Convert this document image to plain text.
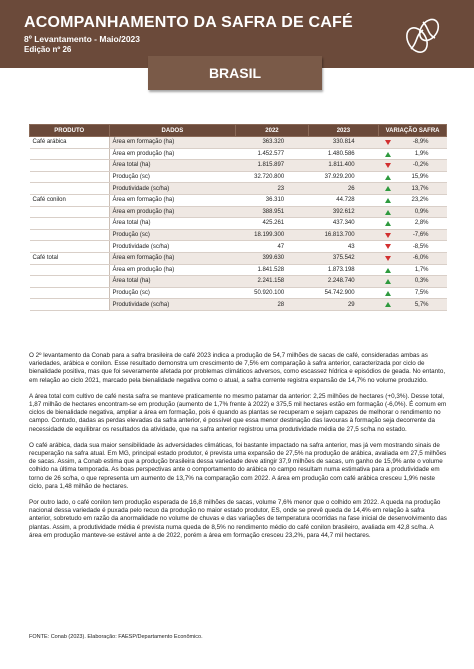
ACOMPANHAMENTO DA SAFRA DE CAFÉ
8º Levantamento - Maio/2023
Edição nº 26
BRASIL
PRODUTO	DADOS	2022	2023	VARIAÇÃO SAFRA
Café arábica	Área em formação (ha)	363.320	330.814	-8,9%
	Área em produção (ha)	1.452.577	1.480.586	1,9%
	Área total (ha)	1.815.897	1.811.400	-0,2%
	Produção (sc)	32.720.800	37.929.200	15,9%
	Produtividade (sc/ha)	23	26	13,7%
Café conilon	Área em formação (ha)	36.310	44.728	23,2%
	Área em produção (ha)	388.951	392.612	0,9%
	Área total (ha)	425.261	437.340	2,8%
	Produção (sc)	18.199.300	16.813.700	-7,6%
	Produtividade (sc/ha)	47	43	-8,5%
Café total	Área em formação (ha)	399.630	375.542	-6,0%
	Área em produção (ha)	1.841.528	1.873.198	1,7%
	Área total (ha)	2.241.158	2.248.740	0,3%
	Produção (sc)	50.920.100	54.742.900	7,5%
	Produtividade (sc/ha)	28	29	5,7%

O 2º levantamento da Conab para a safra brasileira de café 2023 indica a produção de 54,7 milhões de sacas de café, consideradas ambas as variedades, arábica e conilon. Esse resultado demonstra um crescimento de 7,5% em comparação à safra anterior, caracterizada por ciclo de bienalidade positiva, mas que foi severamente afetada por problemas climáticos adversos, como escassez hídrica e episódios de geada. No entanto, em relação ao ciclo 2021, marcado pela bienalidade negativa como o atual, a safra corrente registra expansão de 14,7% no volume produzido.

A área total com cultivo de café nesta safra se manteve praticamente no mesmo patamar da anterior: 2,25 milhões de hectares (+0,3%). Desse total, 1,87 milhão de hectares encontram-se em produção (aumento de 1,7% frente à 2022) e 375,5 mil hectares estão em formação (-6,0%). É comum em ciclos de bienalidade negativa, ampliar a área em formação, pois é quando as plantas se recuperam e sejam capazes de melhorar o rendimento no campo. Contudo, dadas as perdas elevadas da safra anterior, é possível que essa menor destinação das lavouras à formação seja decorrente da necessidade de equilibrar os resultados da atividade, que na safra anterior registrou uma produtividade média de 27,5 sc/ha no estado.

O café arábica, dada sua maior sensibilidade às adversidades climáticas, foi bastante impactado na safra anterior, mas já vem mostrando sinais de recuperação na safra atual. Em MG, principal estado produtor, é prevista uma expansão de 27,5% na produção de arábica, avaliada em 27,5 milhões de sacas. Assim, a Conab estima que a produção brasileira dessa variedade deve atingir 37,9 milhões de sacas, um ganho de 15,9% ante o volume colhido na última temporada. As boas perspectivas ante o comportamento do arábica no campo resultam numa estimativa para a produtividade em torno de 26 sc/ha, o que representa um aumento de 13,7% na comparação com 2022. A área em produção com café arábica cresceu 1,9% neste ciclo, para 1,48 milhão de hectares.

Por outro lado, o café conilon tem produção esperada de 16,8 milhões de sacas, volume 7,6% menor que o colhido em 2022. A queda na produção nacional dessa variedade é puxada pelo recuo da produção no maior estado produtor, ES, onde se prevê queda de 14,4% em relação à safra anterior, sobretudo em razão da anormalidade no volume de chuvas e das variações de temperatura ocorridas na fase inicial de desenvolvimento das plantas. Assim, a produtividade média é prevista numa queda de 8,5% no rendimento médio do café conilon brasileiro, avaliada em 42,8 sc/ha. A área em produção manteve-se estável ante a de 2022, porém a área em formação cresceu 23,2%, para 44,7 mil hectares.

FONTE: Conab (2023). Elaboração: FAESP/Departamento Econômico.
